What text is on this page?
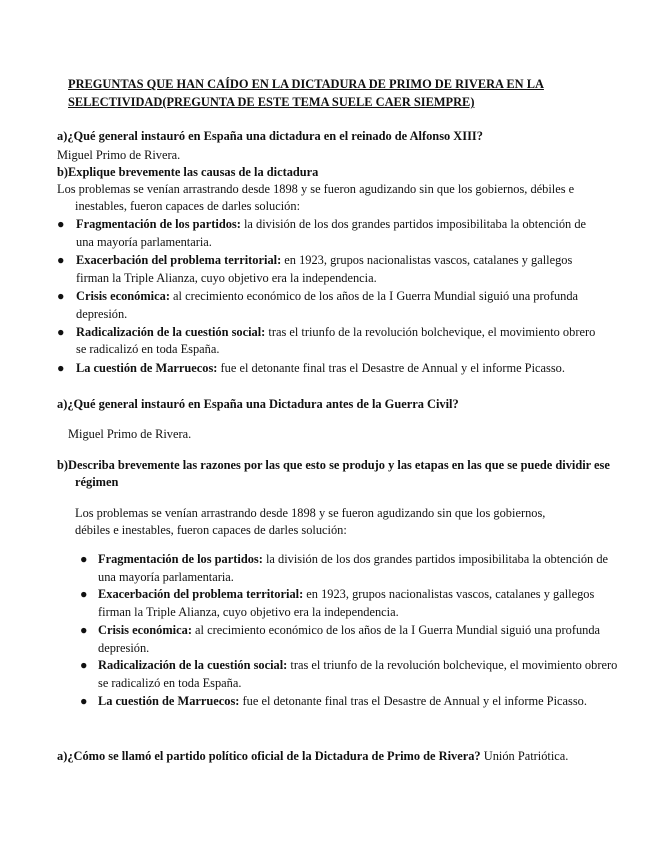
PREGUNTAS QUE HAN CAÍDO EN LA DICTADURA DE PRIMO DE RIVERA EN LA SELECTIVIDAD(PREGUNTA DE ESTE TEMA SUELE CAER SIEMPRE)
a)¿Qué general instauró en España una dictadura en el reinado de Alfonso XIII?
Miguel Primo de Rivera.
b)Explique brevemente las causas de la dictadura
Los problemas se venían arrastrando desde 1898 y se fueron agudizando sin que los gobiernos, débiles e inestables, fueron capaces de darles solución:
● Fragmentación de los partidos: la división de los dos grandes partidos imposibilitaba la obtención de una mayoría parlamentaria.
● Exacerbación del problema territorial: en 1923, grupos nacionalistas vascos, catalanes y gallegos firman la Triple Alianza, cuyo objetivo era la independencia.
● Crisis económica: al crecimiento económico de los años de la I Guerra Mundial siguió una profunda depresión.
● Radicalización de la cuestión social: tras el triunfo de la revolución bolchevique, el movimiento obrero se radicalizó en toda España.
● La cuestión de Marruecos: fue el detonante final tras el Desastre de Annual y el informe Picasso.
a)¿Qué general instauró en España una Dictadura antes de la Guerra Civil?
Miguel Primo de Rivera.
b)Describa brevemente las razones por las que esto se produjo y las etapas en las que se puede dividir ese régimen
Los problemas se venían arrastrando desde 1898 y se fueron agudizando sin que los gobiernos, débiles e inestables, fueron capaces de darles solución:
● Fragmentación de los partidos: la división de los dos grandes partidos imposibilitaba la obtención de una mayoría parlamentaria.
● Exacerbación del problema territorial: en 1923, grupos nacionalistas vascos, catalanes y gallegos firman la Triple Alianza, cuyo objetivo era la independencia.
● Crisis económica: al crecimiento económico de los años de la I Guerra Mundial siguió una profunda depresión.
● Radicalización de la cuestión social: tras el triunfo de la revolución bolchevique, el movimiento obrero se radicalizó en toda España.
● La cuestión de Marruecos: fue el detonante final tras el Desastre de Annual y el informe Picasso.
a)¿Cómo se llamó el partido político oficial de la Dictadura de Primo de Rivera? Unión Patriótica.
